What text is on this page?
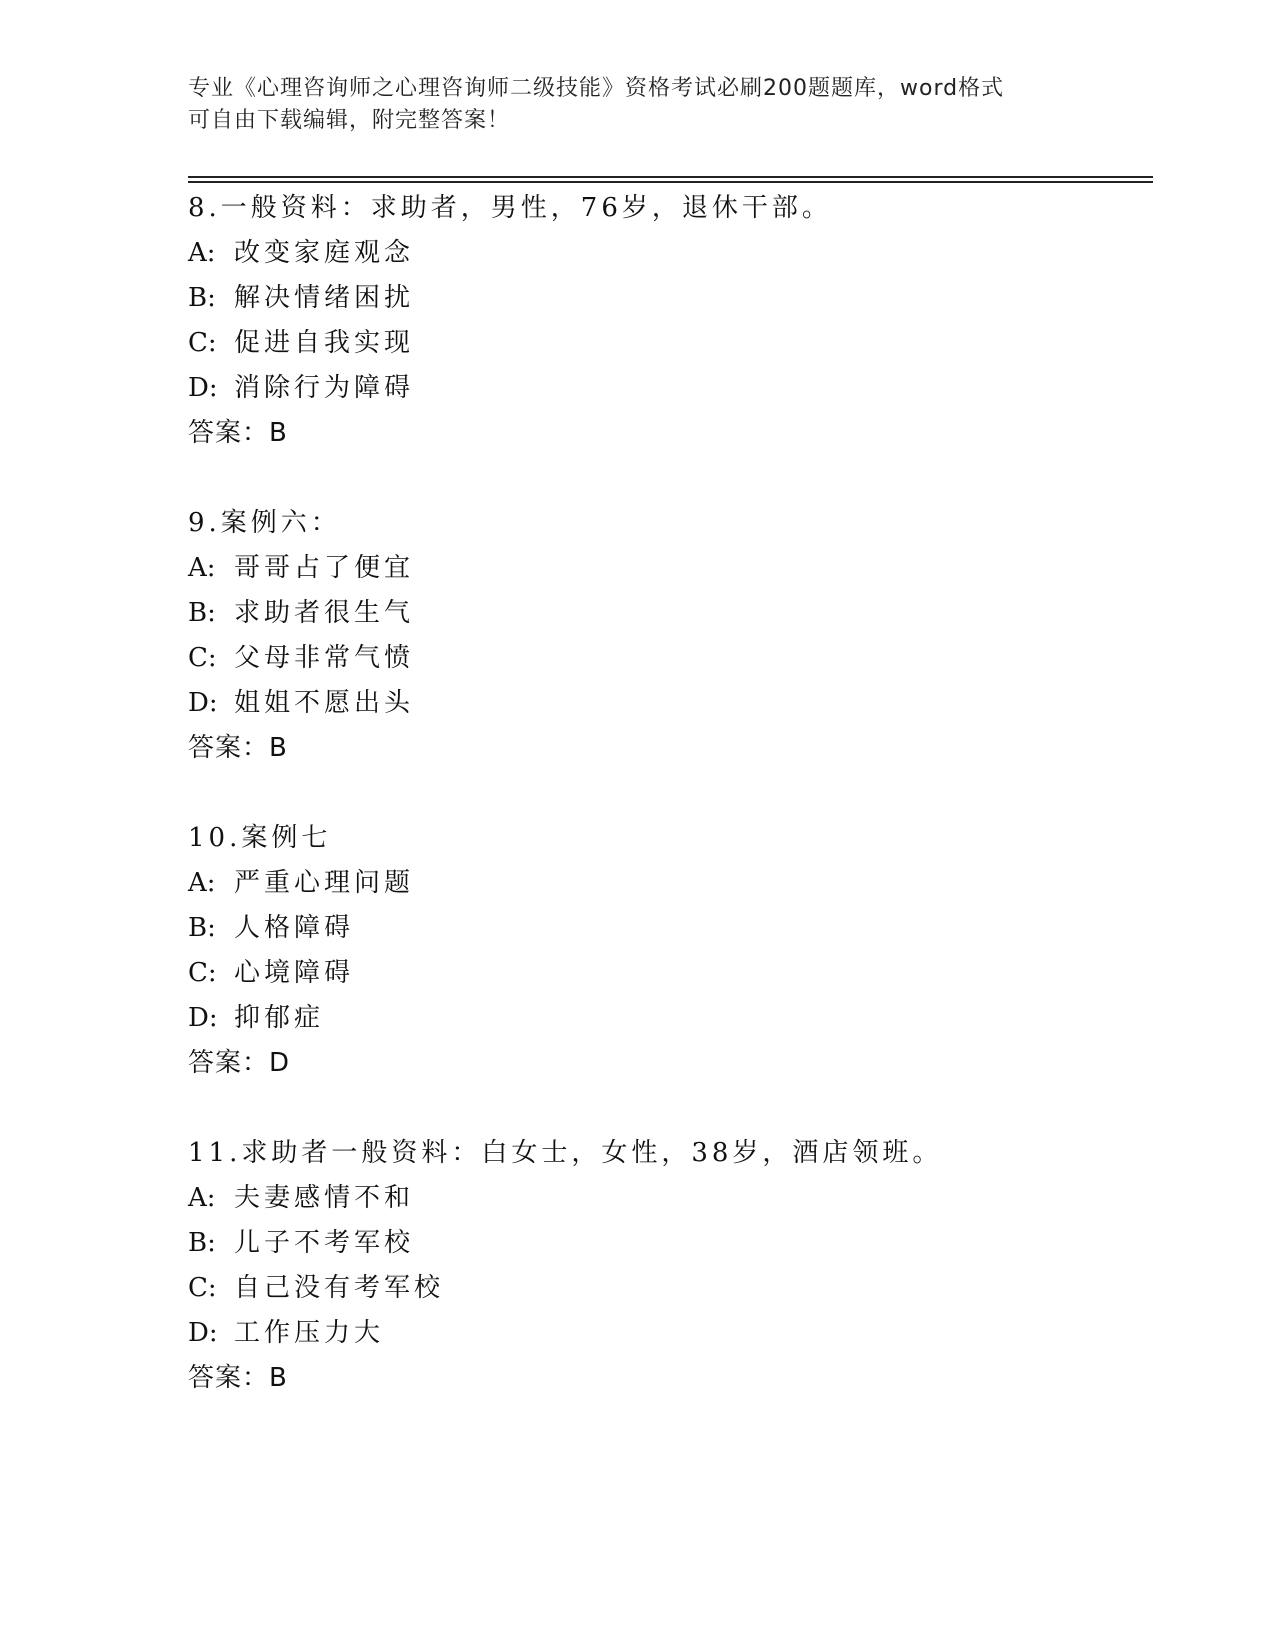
专业《心理咨询师之心理咨询师二级技能》资格考试必刷200题题库，word格式
可自由下载编辑，附完整答案！
8.一般资料：求助者，男性，76岁，退休干部。
A: 改变家庭观念
B: 解决情绪困扰
C: 促进自我实现
D: 消除行为障碍
答案：B
9.案例六：
A: 哥哥占了便宜
B: 求助者很生气
C: 父母非常气愤
D: 姐姐不愿出头
答案：B
10.案例七
A: 严重心理问题
B: 人格障碍
C: 心境障碍
D: 抑郁症
答案：D
11.求助者一般资料：白女士，女性，38岁，酒店领班。
A: 夫妻感情不和
B: 儿子不考军校
C: 自己没有考军校
D: 工作压力大
答案：B
